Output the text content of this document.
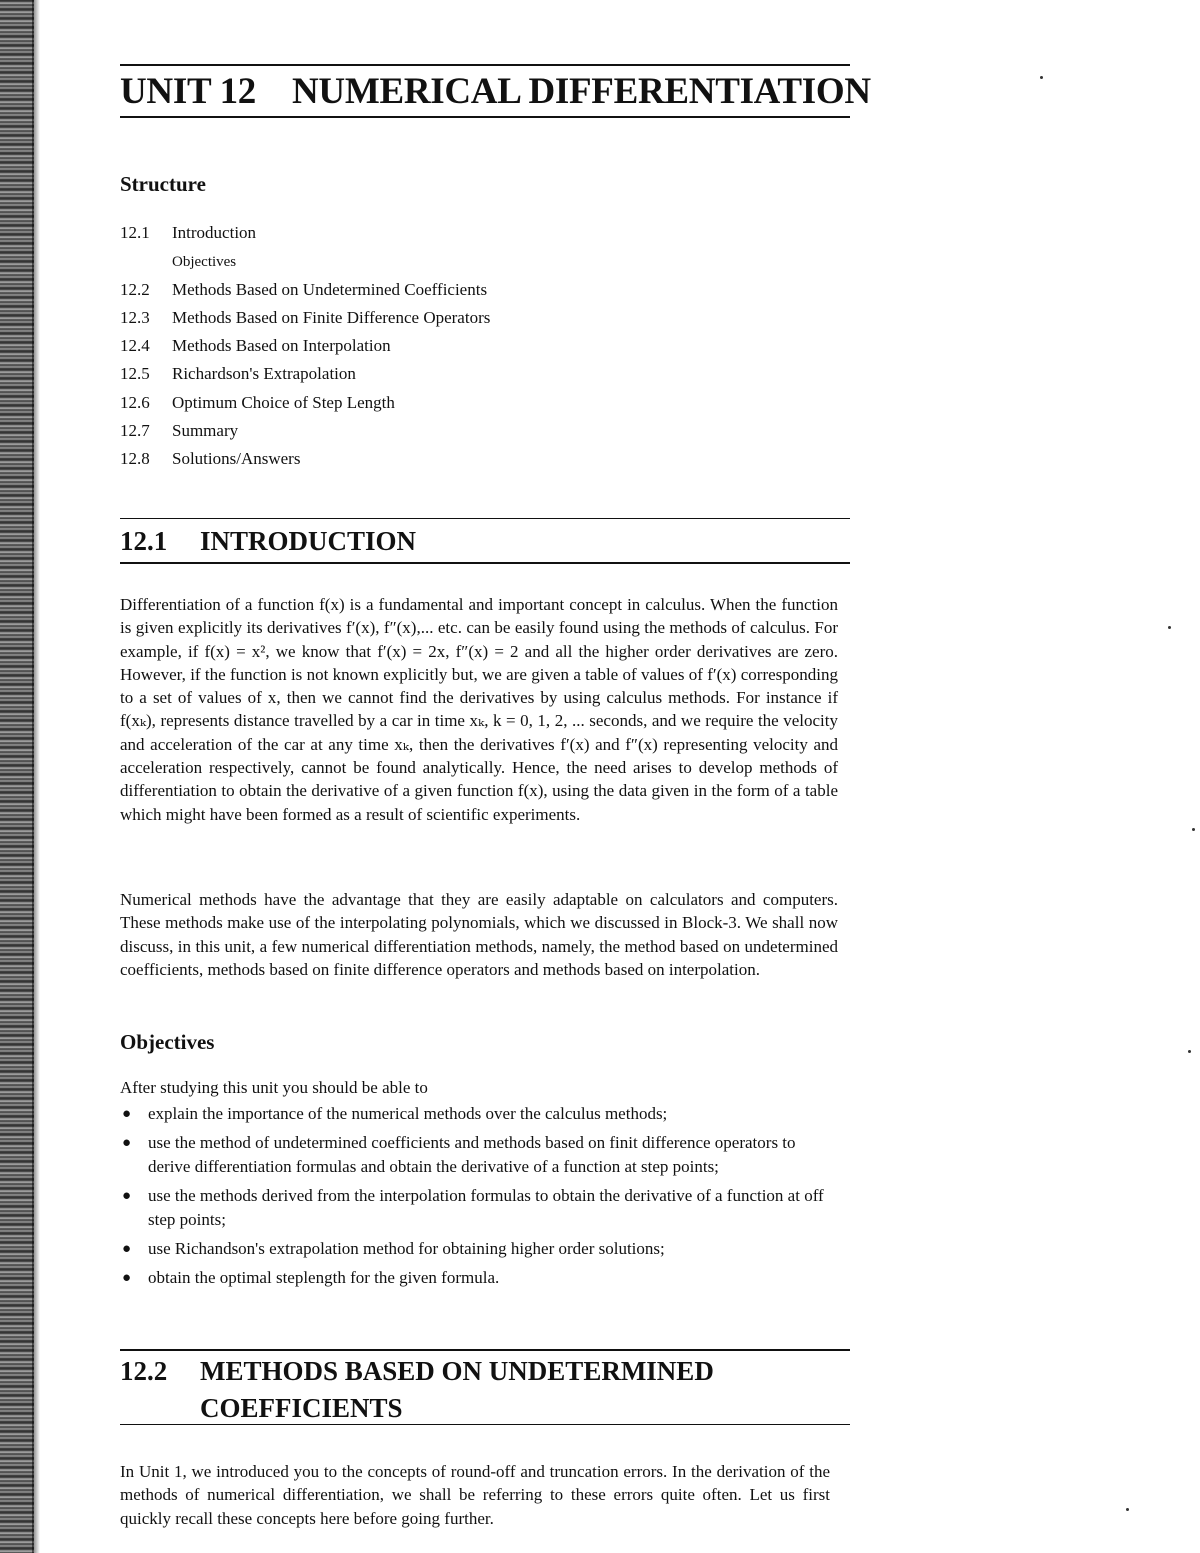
UNIT 12 NUMERICAL DIFFERENTIATION
Structure
12.1 Introduction
Objectives
12.2 Methods Based on Undetermined Coefficients
12.3 Methods Based on Finite Difference Operators
12.4 Methods Based on Interpolation
12.5 Richardson's Extrapolation
12.6 Optimum Choice of Step Length
12.7 Summary
12.8 Solutions/Answers
12.1 INTRODUCTION

Differentiation of a function f(x) is a fundamental and important concept in calculus. When the function is given explicitly its derivatives f′(x), f″(x),... etc. can be easily found using the methods of calculus. For example, if f(x) = x², we know that f′(x) = 2x, f″(x) = 2 and all the higher order derivatives are zero. However, if the function is not known explicitly but, we are given a table of values of f′(x) corresponding to a set of values of x, then we cannot find the derivatives by using calculus methods. For instance if f(xₖ), represents distance travelled by a car in time xₖ, k = 0, 1, 2, ... seconds, and we require the velocity and acceleration of the car at any time xₖ, then the derivatives f′(x) and f″(x) representing velocity and acceleration respectively, cannot be found analytically. Hence, the need arises to develop methods of differentiation to obtain the derivative of a given function f(x), using the data given in the form of a table which might have been formed as a result of scientific experiments.

Numerical methods have the advantage that they are easily adaptable on calculators and computers. These methods make use of the interpolating polynomials, which we discussed in Block-3. We shall now discuss, in this unit, a few numerical differentiation methods, namely, the method based on undetermined coefficients, methods based on finite difference operators and methods based on interpolation.

Objectives

After studying this unit you should be able to

● explain the importance of the numerical methods over the calculus methods;
● use the method of undetermined coefficients and methods based on finit difference operators to derive differentiation formulas and obtain the derivative of a function at step points;
● use the methods derived from the interpolation formulas to obtain the derivative of a function at off step points;
● use Richandson's extrapolation method for obtaining higher order solutions;
● obtain the optimal steplength for the given formula.
12.2 METHODS BASED ON UNDETERMINED
COEFFICIENTS

In Unit 1, we introduced you to the concepts of round-off and truncation errors. In the derivation of the methods of numerical differentiation, we shall be referring to these errors quite often. Let us first quickly recall these concepts here before going further.
